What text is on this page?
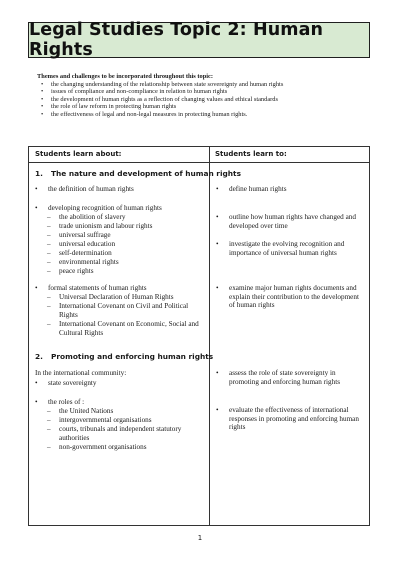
Legal Studies Topic 2: Human Rights
Themes and challenges to be incorporated throughout this topic:
• the changing understanding of the relationship between state sovereignty and human rights
• issues of compliance and non-compliance in relation to human rights
• the development of human rights as a reflection of changing values and ethical standards
• the role of law reform in protecting human rights
• the effectiveness of legal and non-legal measures in protecting human rights.
Students learn about:	Students learn to:
1. The nature and development of human rights
• the definition of human rights
• developing recognition of human rights
– the abolition of slavery
– trade unionism and labour rights
– universal suffrage
– universal education
– self-determination
– environmental rights
– peace rights
• formal statements of human rights
– Universal Declaration of Human Rights
– International Covenant on Civil and Political Rights
– International Covenant on Economic, Social and Cultural Rights
• define human rights
• outline how human rights have changed and developed over time
• investigate the evolving recognition and importance of universal human rights
• examine major human rights documents and explain their contribution to the development of human rights
2. Promoting and enforcing human rights
In the international community:
• state sovereignty
• the roles of :
– the United Nations
– intergovernmental organisations
– courts, tribunals and independent statutory authorities
– non-government organisations
• assess the role of state sovereignty in promoting and enforcing human rights
• evaluate the effectiveness of international responses in promoting and enforcing human rights
1
